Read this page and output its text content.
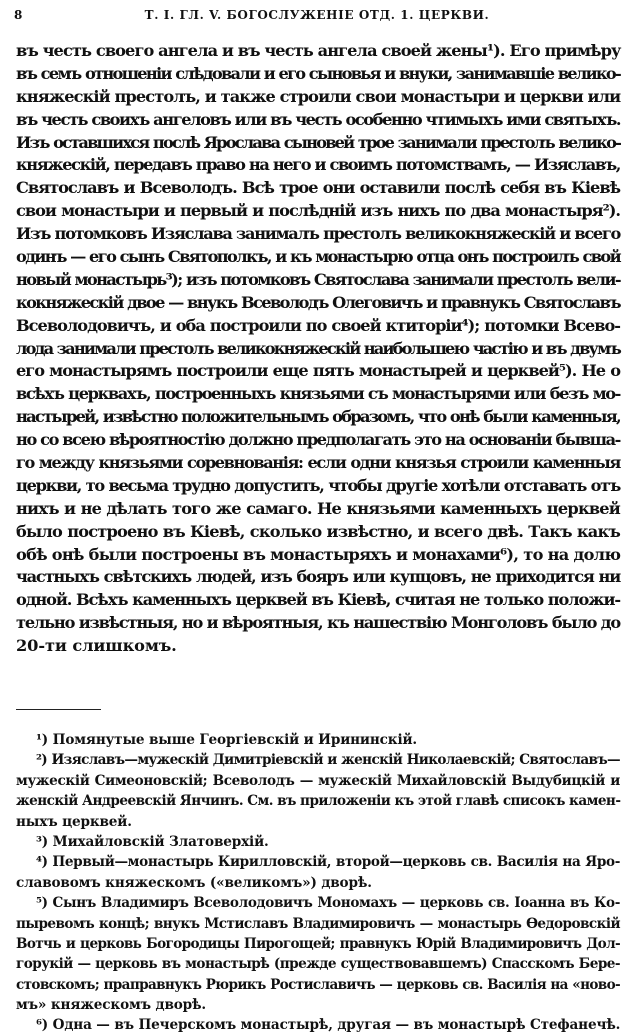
8	Т. I. ГЛ. V. БОГОСЛУЖЕНІЕ ОТД. 1. ЦЕРКВИ.
въ честь своего ангела и въ честь ангела своей жены¹). Его примѣру
въ семъ отношеніи слѣдовали и его сыновья и внуки, занимавшіе велико-
княжескій престолъ, и также строили свои монастыри и церкви или
въ честь своихъ ангеловъ или въ честь особенно чтимыхъ ими святыхъ.
Изъ оставшихся послѣ Ярослава сыновей трое занимали престолъ велико-
княжескій, передавъ право на него и своимъ потомствамъ, — Изяславъ,
Святославъ и Всеволодъ. Всѣ трое они оставили послѣ себя въ Кіевѣ
свои монастыри и первый и послѣдній изъ нихъ по два монастыря²).
Изъ потомковъ Изяслава занималъ престолъ великокняжескій и всего
одинъ — его сынъ Святополкъ, и къ монастырю отца онъ построилъ свой
новый монастырь³); изъ потомковъ Святослава занимали престолъ вели-
кокняжескій двое — внукъ Всеволодъ Олеговичъ и правнукъ Святославъ
Всеволодовичъ, и оба построили по своей ктиторіи⁴); потомки Всево-
лода занимали престолъ великокняжескій наибольшею частію и въ двумъ
его монастырямъ построили еще пять монастырей и церквей⁵). Не о
всѣхъ церквахъ, построенныхъ князьями съ монастырями или безъ мо-
настырей, извѣстно положительнымъ образомъ, что онѣ были каменныя,
но со всею вѣроятностію должно предполагать это на основаніи бывша-
го между князьями соревнованія: если одни князья строили каменныя
церкви, то весьма трудно допустить, чтобы другіе хотѣли отставать отъ
нихъ и не дѣлать того же самаго. Не князьями каменныхъ церквей
было построено въ Кіевѣ, сколько извѣстно, и всего двѣ. Такъ какъ
обѣ онѣ были построены въ монастыряхъ и монахами⁶), то на долю
частныхъ свѣтскихъ людей, изъ бояръ или купцовъ, не приходится ни
одной. Всѣхъ каменныхъ церквей въ Кіевѣ, считая не только положи-
тельно извѣстныя, но и вѣроятныя, къ нашествію Монголовъ было до
20-ти слишкомъ.
¹) Помянутые выше Георгіевскій и Ирининскій.
²) Изяславъ—мужескій Димитріевскій и женскій Николаевскій; Святославъ—
мужескій Симеоновскій; Всеволодъ — мужескій Михайловскій Выдубицкій и
женскій Андреевскій Янчинъ. См. въ приложеніи къ этой главѣ списокъ камен-
ныхъ церквей.
³) Михайловскій Златоверхій.
⁴) Первый—монастырь Кирилловскій, второй—церковь св. Василія на Яро-
славовомъ княжескомъ («великомъ») дворѣ.
⁵) Сынъ Владимиръ Всеволодовичъ Мономахъ — церковь св. Іоанна въ Ко-
пыревомъ концѣ; внукъ Мстиславъ Владимировичъ — монастырь Ѳедоровскій
Вотчь и церковь Богородицы Пирогощей; правнукъ Юрій Владимировичъ Дол-
горукій — церковь въ монастырѣ (прежде существовавшемъ) Спасскомъ Бере-
стовскомъ; праправнукъ Рюрикъ Ростиславичъ — церковь св. Василія на «ново-
мъ» княжескомъ дворѣ.
⁶) Одна — въ Печерскомъ монастырѣ, другая — въ монастырѣ Стефанечѣ.
